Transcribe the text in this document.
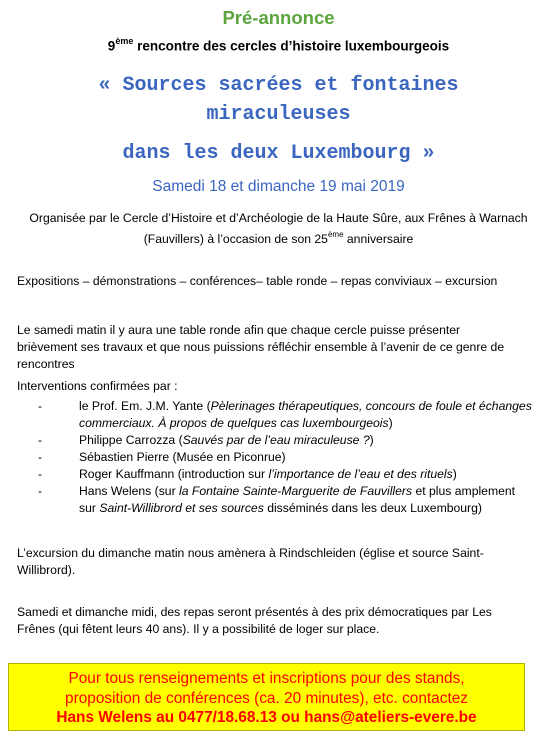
Pré-annonce
9ème rencontre des cercles d’histoire luxembourgeois
« Sources sacrées et fontaines
miraculeuses
dans les deux Luxembourg »
Samedi 18 et dimanche 19 mai 2019
Organisée par le Cercle d’Histoire et d’Archéologie de la Haute Sûre, aux Frênes à Warnach
(Fauvillers) à l’occasion de son 25ème anniversaire
Expositions – démonstrations – conférences– table ronde – repas conviviaux – excursion
Le samedi matin il y aura une table ronde afin que chaque cercle puisse présenter
brièvement ses travaux et que nous puissions réfléchir ensemble à l’avenir de ce genre de
rencontres
Interventions confirmées par :
-	le Prof. Em. J.M. Yante (Pèlerinages thérapeutiques, concours de foule et échanges commerciaux. À propos de quelques cas luxembourgeois)
-	Philippe Carrozza (Sauvés par de l’eau miraculeuse ?)
-	Sébastien Pierre (Musée en Piconrue)
-	Roger Kauffmann (introduction sur l’importance de l’eau et des rituels)
-	Hans Welens (sur la Fontaine Sainte-Marguerite de Fauvillers et plus amplement sur Saint-Willibrord et ses sources disséminés dans les deux Luxembourg)
L’excursion du dimanche matin nous amènera à Rindschleiden (église et source Saint-
Willibrord).
Samedi et dimanche midi, des repas seront présentés à des prix démocratiques par Les
Frênes (qui fêtent leurs 40 ans). Il y a possibilité de loger sur place.
Pour tous renseignements et inscriptions pour des stands,
proposition de conférences (ca. 20 minutes), etc. contactez
Hans Welens au 0477/18.68.13 ou hans@ateliers-evere.be
